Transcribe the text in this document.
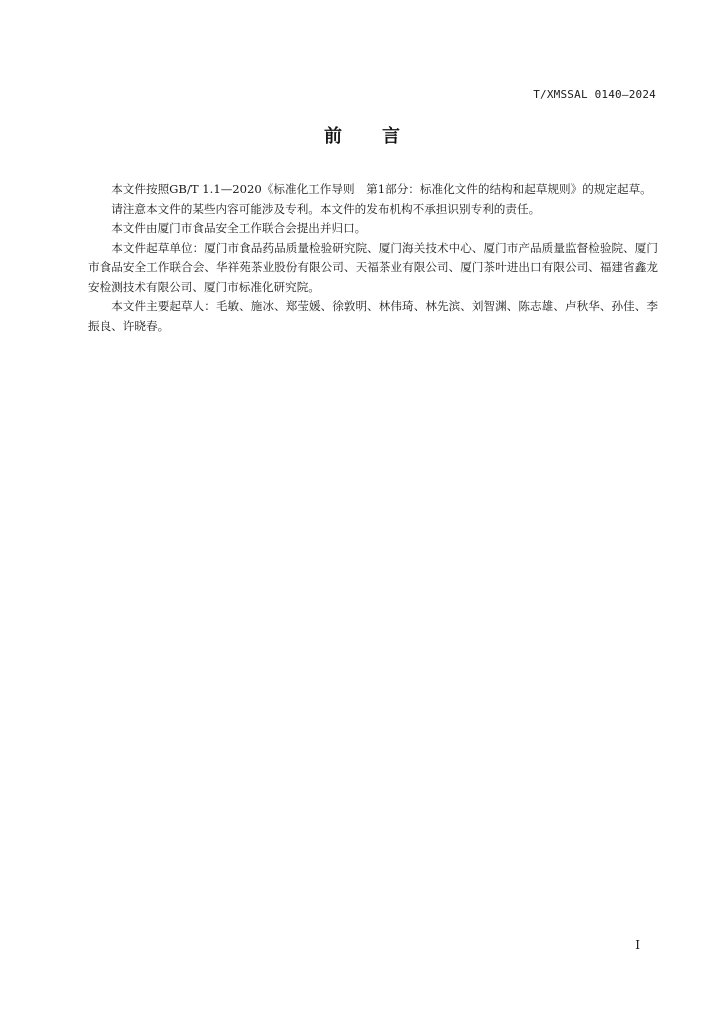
T/XMSSAL 0140—2024
前 言

本文件按照GB/T 1.1—2020《标准化工作导则　第1部分：标准化文件的结构和起草规则》的规定起草。

请注意本文件的某些内容可能涉及专利。本文件的发布机构不承担识别专利的责任。

本文件由厦门市食品安全工作联合会提出并归口。

本文件起草单位：厦门市食品药品质量检验研究院、厦门海关技术中心、厦门市产品质量监督检验院、厦门市食品安全工作联合会、华祥苑茶业股份有限公司、天福茶业有限公司、厦门茶叶进出口有限公司、福建省鑫龙安检测技术有限公司、厦门市标准化研究院。

本文件主要起草人：毛敏、施冰、郑莹媛、徐敦明、林伟琦、林先滨、刘智渊、陈志雄、卢秋华、孙佳、李振良、许晓春。

I
